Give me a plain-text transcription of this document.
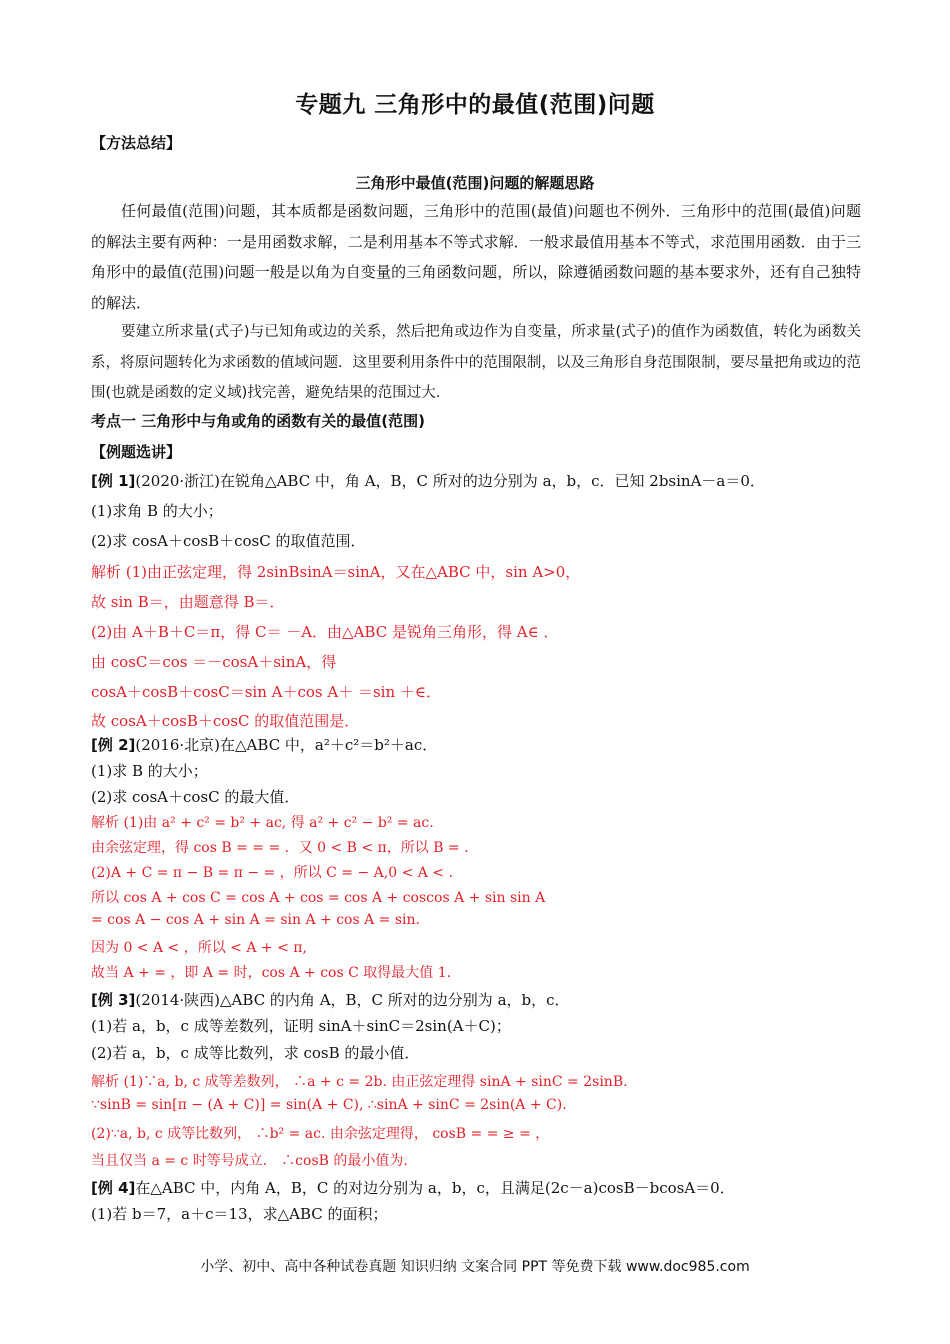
专题九 三角形中的最值(范围)问题
【方法总结】
三角形中最值(范围)问题的解题思路
任何最值(范围)问题，其本质都是函数问题，三角形中的范围(最值)问题也不例外．三角形中的范围(最值)问题的解法主要有两种：一是用函数求解，二是利用基本不等式求解．一般求最值用基本不等式，求范围用函数．由于三角形中的最值(范围)问题一般是以角为自变量的三角函数问题，所以，除遵循函数问题的基本要求外，还有自己独特的解法．
要建立所求量(式子)与已知角或边的关系，然后把角或边作为自变量，所求量(式子)的值作为函数值，转化为函数关系，将原问题转化为求函数的值域问题．这里要利用条件中的范围限制，以及三角形自身范围限制，要尽量把角或边的范围(也就是函数的定义域)找完善，避免结果的范围过大．
考点一 三角形中与角或角的函数有关的最值(范围)
【例题选讲】
[例 1](2020·浙江)在锐角△ABC 中，角 A，B，C 所对的边分别为 a，b，c．已知 2bsinA－a＝0．
(1)求角 B 的大小；
(2)求 cosA＋cosB＋cosC 的取值范围．
解析 (1)由正弦定理，得 2sinBsinA＝sinA，又在△ABC 中，sin A>0，
故 sin B＝，由题意得 B＝．
(2)由 A＋B＋C＝π，得 C＝ －A．由△ABC 是锐角三角形，得 A∈ ．
由 cosC＝cos ＝－cosA＋sinA，得
cosA＋cosB＋cosC＝sin A＋cos A＋ ＝sin ＋∈．
故 cosA＋cosB＋cosC 的取值范围是．
[例 2](2016·北京)在△ABC 中，a²＋c²＝b²＋ac．
(1)求 B 的大小；
(2)求 cosA＋cosC 的最大值．
解析 (1)由 a² + c² = b² + ac, 得 a² + c² − b² = ac.
由余弦定理，得 cos B = = = ．又 0 < B < π，所以 B = .
(2)A + C = π − B = π − = ，所以 C = − A,0 < A < .
所以 cos A + cos C = cos A + cos = cos A + coscos A + sin sin A
= cos A − cos A + sin A = sin A + cos A = sin.
因为 0 < A < ，所以 < A + < π,
故当 A + = ，即 A = 时，cos A + cos C 取得最大值 1.
[例 3](2014·陕西)△ABC 的内角 A，B，C 所对的边分别为 a，b，c．
(1)若 a，b，c 成等差数列，证明 sinA＋sinC＝2sin(A＋C)；
(2)若 a，b，c 成等比数列，求 cosB 的最小值．
解析 (1)∵a, b, c 成等差数列， ∴a + c = 2b. 由正弦定理得 sinA + sinC = 2sinB.
∵sinB = sin[π − (A + C)] = sin(A + C), ∴sinA + sinC = 2sin(A + C).
(2)∵a, b, c 成等比数列， ∴b² = ac. 由余弦定理得， cosB = = ≥ = ，
当且仅当 a = c 时等号成立． ∴cosB 的最小值为.
[例 4]在△ABC 中，内角 A，B，C 的对边分别为 a，b，c，且满足(2c－a)cosB－bcosA＝0．
(1)若 b＝7，a＋c＝13，求△ABC 的面积；
小学、初中、高中各种试卷真题 知识归纳 文案合同 PPT 等免费下载 www.doc985.com
